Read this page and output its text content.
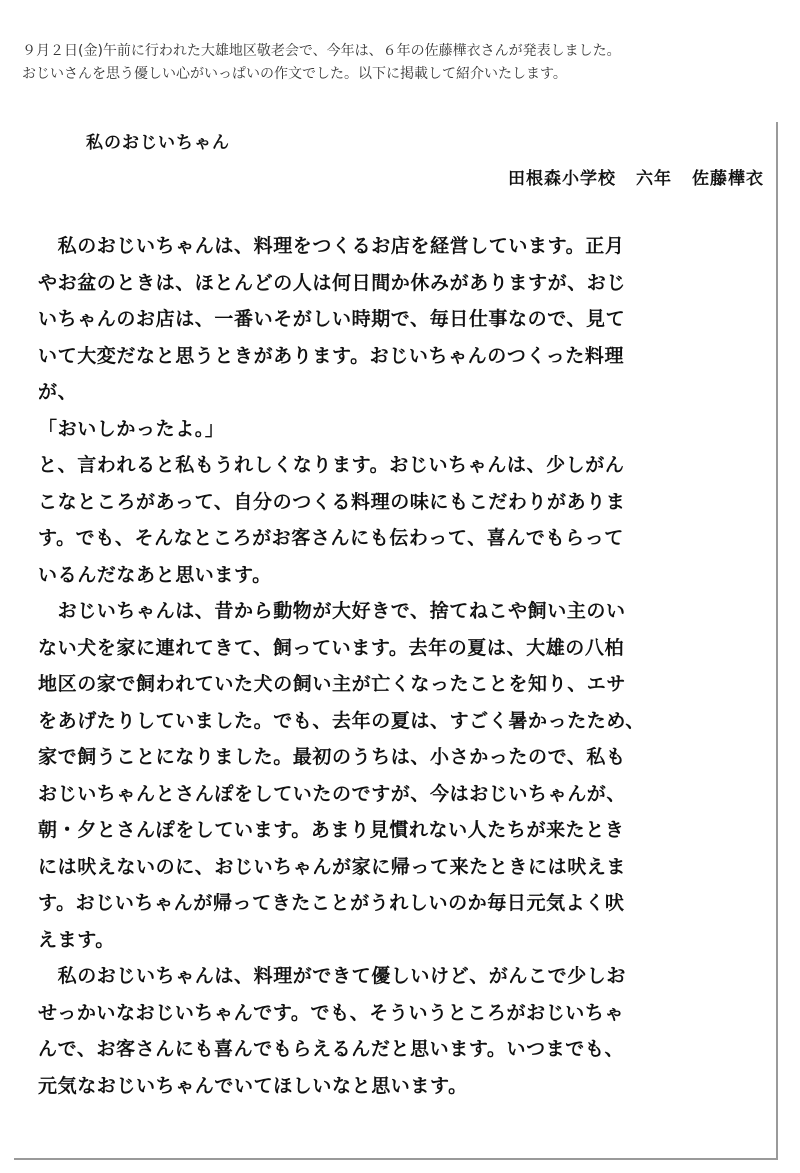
９月２日(金)午前に行われた大雄地区敬老会で、今年は、６年の佐藤樺衣さんが発表しました。

おじいさんを思う優しい心がいっぱいの作文でした。以下に掲載して紹介いたします。

私のおじいちゃん
田根森小学校 六年 佐藤樺衣
　私のおじいちゃんは、料理をつくるお店を経営しています。正月
やお盆のときは、ほとんどの人は何日間か休みがありますが、おじ
いちゃんのお店は、一番いそがしい時期で、毎日仕事なので、見て
いて大変だなと思うときがあります。おじいちゃんのつくった料理
が、
「おいしかったよ。」
と、言われると私もうれしくなります。おじいちゃんは、少しがん
こなところがあって、自分のつくる料理の味にもこだわりがありま
す。でも、そんなところがお客さんにも伝わって、喜んでもらって
いるんだなあと思います。
　おじいちゃんは、昔から動物が大好きで、捨てねこや飼い主のい
ない犬を家に連れてきて、飼っています。去年の夏は、大雄の八柏
地区の家で飼われていた犬の飼い主が亡くなったことを知り、エサ
をあげたりしていました。でも、去年の夏は、すごく暑かったため、
家で飼うことになりました。最初のうちは、小さかったので、私も
おじいちゃんとさんぽをしていたのですが、今はおじいちゃんが、
朝・夕とさんぽをしています。あまり見慣れない人たちが来たとき
には吠えないのに、おじいちゃんが家に帰って来たときには吠えま
す。おじいちゃんが帰ってきたことがうれしいのか毎日元気よく吠
えます。
　私のおじいちゃんは、料理ができて優しいけど、がんこで少しお
せっかいなおじいちゃんです。でも、そういうところがおじいちゃ
んで、お客さんにも喜んでもらえるんだと思います。いつまでも、
元気なおじいちゃんでいてほしいなと思います。
